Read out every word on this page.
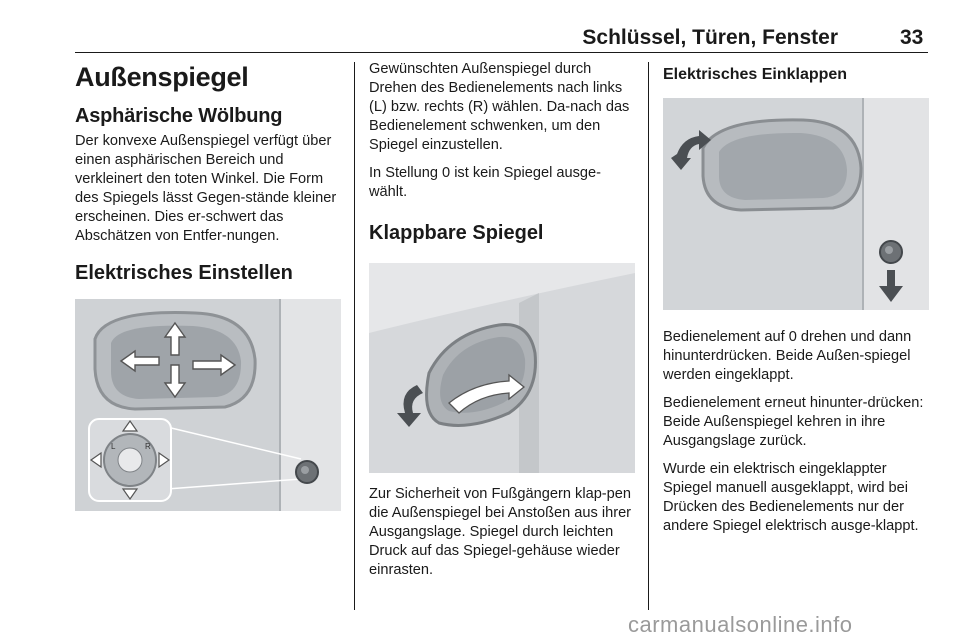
Schlüssel, Türen, Fenster	33
Außenspiegel
Asphärische Wölbung

Der konvexe Außenspiegel verfügt über einen asphärischen Bereich und verkleinert den toten Winkel. Die Form des Spiegels lässt Gegen-stände kleiner erscheinen. Dies er-schwert das Abschätzen von Entfer-nungen.

Elektrisches Einstellen
L	R

Gewünschten Außenspiegel durch Drehen des Bedienelements nach links (L) bzw. rechts (R) wählen. Da-nach das Bedienelement schwenken, um den Spiegel einzustellen.

In Stellung 0 ist kein Spiegel ausge-wählt.

Klappbare Spiegel

Zur Sicherheit von Fußgängern klap-pen die Außenspiegel bei Anstoßen aus ihrer Ausgangslage. Spiegel durch leichten Druck auf das Spiegel-gehäuse wieder einrasten.

Elektrisches Einklappen

Bedienelement auf 0 drehen und dann hinunterdrücken. Beide Außen-spiegel werden eingeklappt.

Bedienelement erneut hinunter-drücken: Beide Außenspiegel kehren in ihre Ausgangslage zurück.

Wurde ein elektrisch eingeklappter Spiegel manuell ausgeklappt, wird bei Drücken des Bedienelements nur der andere Spiegel elektrisch ausge-klappt.

carmanualsonline.info
